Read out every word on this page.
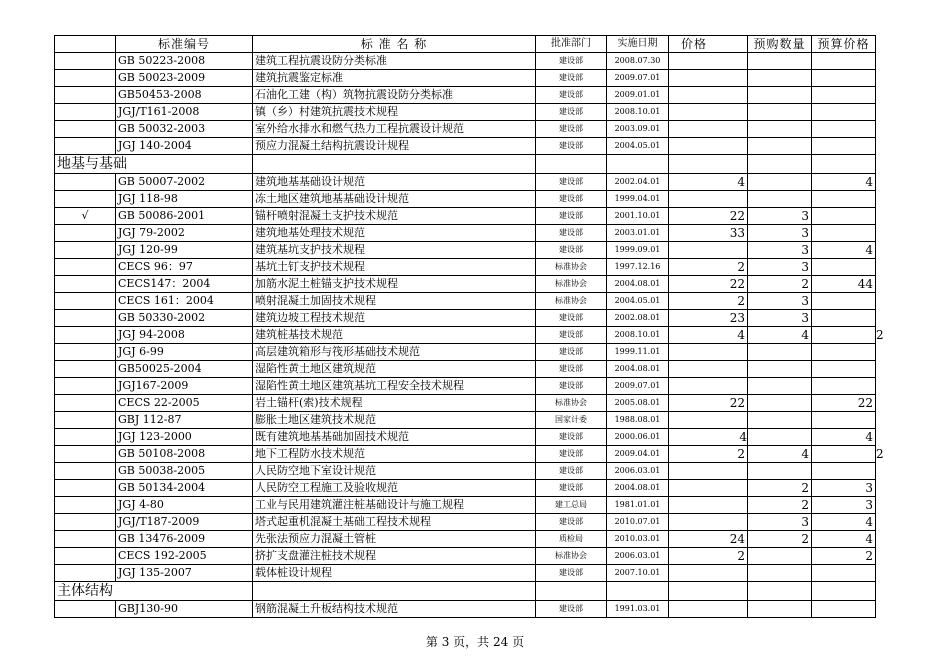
	标准编号	标 准 名 称	批准部门	实施日期	价格	预购数量	预算价格
	GB 50223-2008	建筑工程抗震设防分类标准	建设部	2008.07.30			
	GB 50023-2009	建筑抗震鉴定标准	建设部	2009.07.01			
	GB50453-2008	石油化工建（构）筑物抗震设防分类标准	建设部	2009.01.01			
	JGJ/T161-2008	镇（乡）村建筑抗震技术规程	建设部	2008.10.01			
	GB 50032-2003	室外给水排水和燃气热力工程抗震设计规范	建设部	2003.09.01			
	JGJ 140-2004	预应力混凝土结构抗震设计规程	建设部	2004.05.01			
地基与基础							
	GB 50007-2002	建筑地基基础设计规范	建设部	2002.04.01	4		4
	JGJ 118-98	冻土地区建筑地基基础设计规范	建设部	1999.04.01			
√	GB 50086-2001	锚杆喷射混凝土支护技术规范	建设部	2001.10.01	22	3	
	JGJ 79-2002	建筑地基处理技术规范	建设部	2003.01.01	33	3	
	JGJ 120-99	建筑基坑支护技术规程	建设部	1999.09.01		3	4
	CECS 96：97	基坑土钉支护技术规程	标准协会	1997.12.16	2	3	
	CECS147：2004	加筋水泥土桩锚支护技术规程	标准协会	2004.08.01	22	2	44
	CECS 161：2004	喷射混凝土加固技术规程	标准协会	2004.05.01	2	3	
	GB 50330-2002	建筑边坡工程技术规范	建设部	2002.08.01	23	3	
	JGJ 94-2008	建筑桩基技术规范	建设部	2008.10.01	4	4	
	JGJ 6-99	高层建筑箱形与筏形基础技术规范	建设部	1999.11.01			
	GB50025-2004	湿陷性黄土地区建筑规范	建设部	2004.08.01			
	JGJ167-2009	湿陷性黄土地区建筑基坑工程安全技术规程	建设部	2009.07.01			
	CECS 22-2005	岩土锚杆(索)技术规程	标准协会	2005.08.01	22		22
	GBJ 112-87	膨胀土地区建筑技术规范	国家计委	1988.08.01			
	JGJ 123-2000	既有建筑地基基础加固技术规范	建设部	2000.06.01	4		4
	GB 50108-2008	地下工程防水技术规范	建设部	2009.04.01	2	4	
	GB 50038-2005	人民防空地下室设计规范	建设部	2006.03.01			
	GB 50134-2004	人民防空工程施工及验收规范	建设部	2004.08.01		2	3
	JGJ 4-80	工业与民用建筑灌注桩基础设计与施工规程	建工总局	1981.01.01		2	3
	JGJ/T187-2009	塔式起重机混凝土基础工程技术规程	建设部	2010.07.01		3	4
	GB 13476-2009	先张法预应力混凝土管桩	质检局	2010.03.01	24	2	4
	CECS 192-2005	挤扩支盘灌注桩技术规程	标准协会	2006.03.01	2		2
	JGJ 135-2007	载体桩设计规程	建设部	2007.10.01			
主体结构							
	GBJ130-90	钢筋混凝土升板结构技术规范	建设部	1991.03.01			
第 3 页，共 24 页
2
2
